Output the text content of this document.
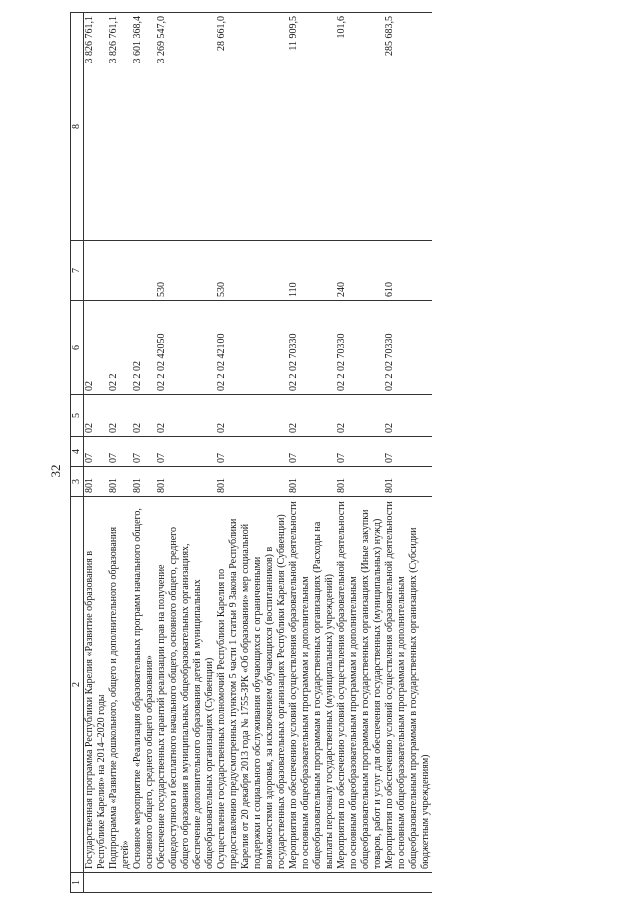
32
1	2	3	4	5	6	7	8
	Государственная программа Республики Карелия «Развитие образования в Республике Карелия» на 2014–2020 годы	801	07	02	02		3 826 761,1
	Подпрограмма «Развитие дошкольного, общего и дополнительного образования детей»	801	07	02	02 2		3 826 761,1
	Основное мероприятие «Реализация образовательных программ начального общего, основного общего, среднего общего образования»	801	07	02	02 2 02		3 601 368,4
	Обеспечение государственных гарантий реализации прав на получение общедоступного и бесплатного начального общего, основного общего, среднего общего образования в муниципальных общеобразовательных организациях, обеспечение дополнительного образования детей в муниципальных общеобразовательных организациях (Субвенции)	801	07	02	02 2 02 42050	530	3 269 547,0
	Осуществление государственных полномочий Республики Карелия по предоставлению предусмотренных пунктом 5 части 1 статьи 9 Закона Республики Карелия от 20 декабря 2013 года № 1755-ЗРК «Об образовании» мер социальной поддержки и социального обслуживания обучающихся с ограниченными возможностями здоровья, за исключением обучающихся (воспитанников) в государственных образовательных организациях Республики Карелия (Субвенции)	801	07	02	02 2 02 42100	530	28 661,0
	Мероприятия по обеспечению условий осуществления образовательной деятельности по основным общеобразовательным программам и дополнительным общеобразовательным программам в государственных организациях (Расходы на выплаты персоналу государственных (муниципальных) учреждений)	801	07	02	02 2 02 70330	110	11 909,5
	Мероприятия по обеспечению условий осуществления образовательной деятельности по основным общеобразовательным программам и дополнительным общеобразовательным программам в государственных организациях (Иные закупки товаров, работ и услуг для обеспечения государственных (муниципальных) нужд)	801	07	02	02 2 02 70330	240	101,6
	Мероприятия по обеспечению условий осуществления образовательной деятельности по основным общеобразовательным программам и дополнительным общеобразовательным программам в государственных организациях (Субсидии бюджетным учреждениям)	801	07	02	02 2 02 70330	610	285 683,5
